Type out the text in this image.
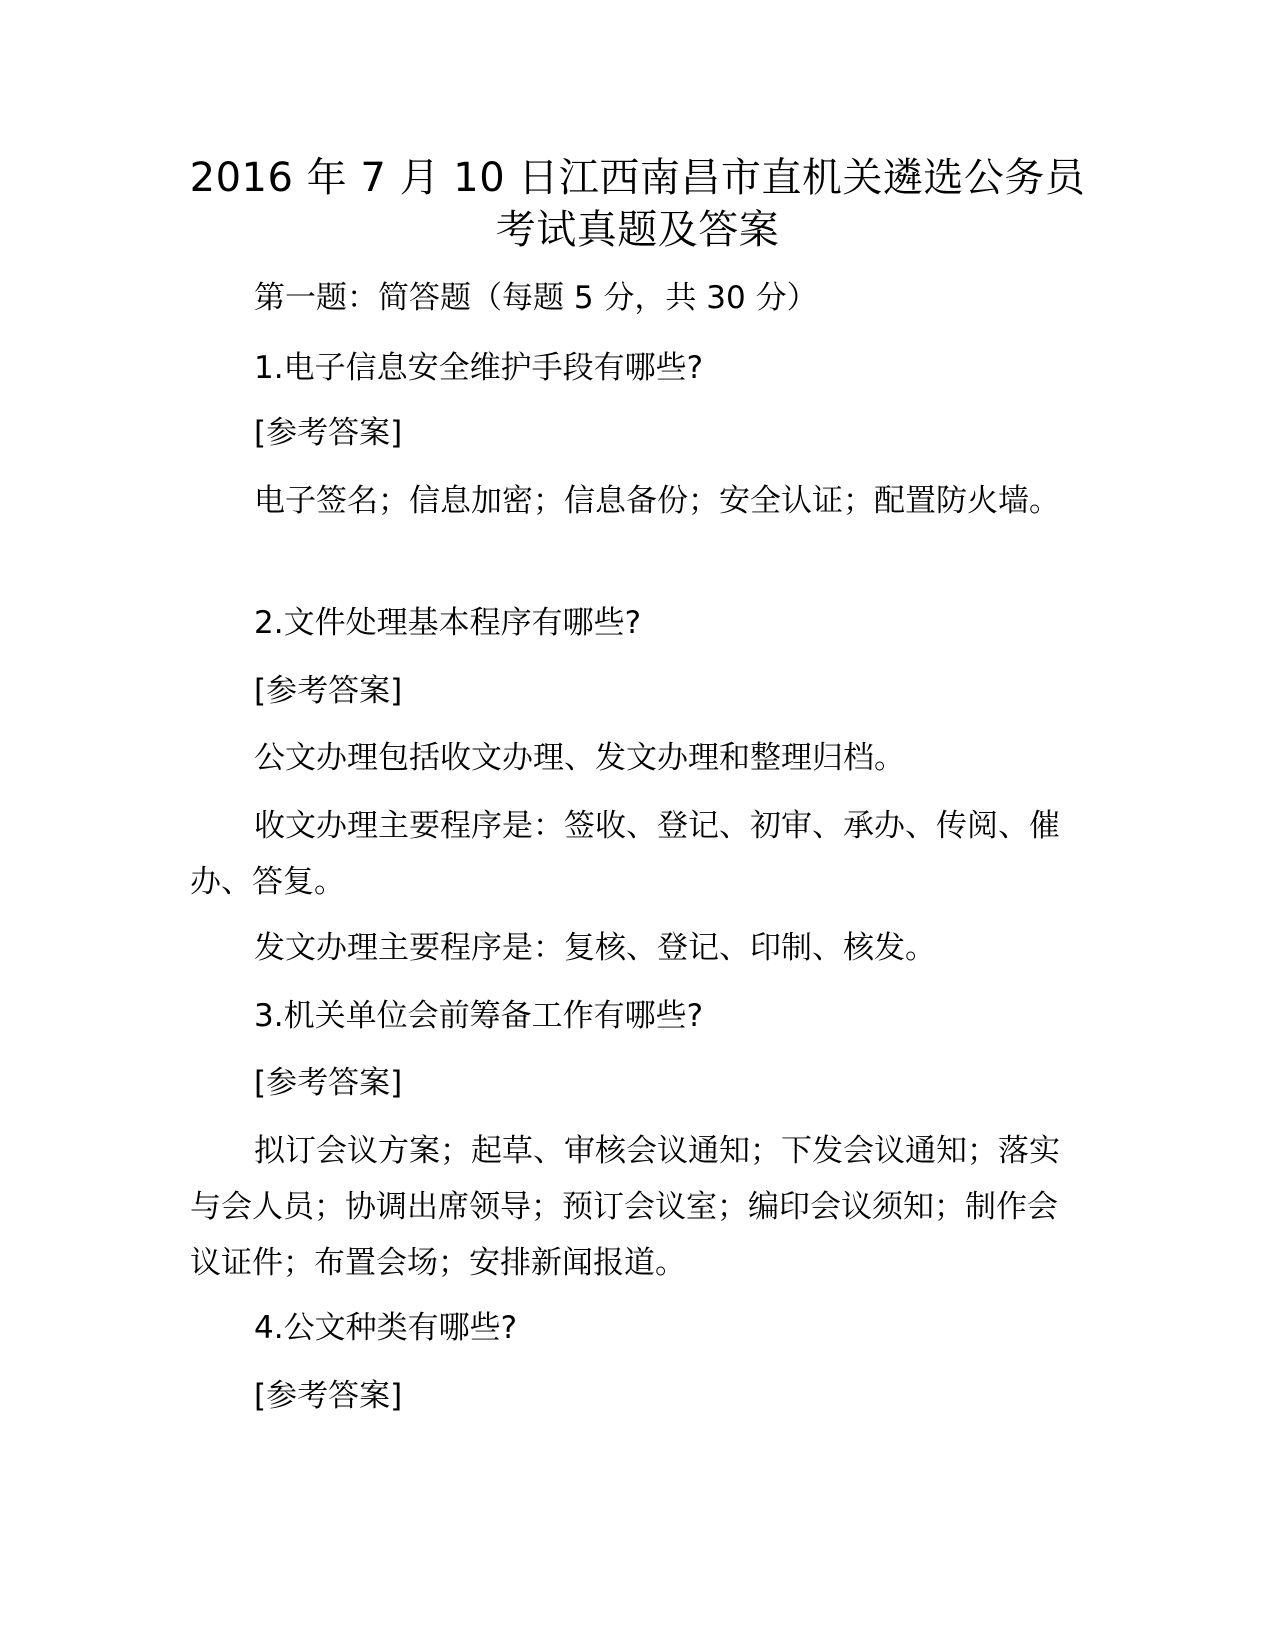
2016 年 7 月 10 日江西南昌市直机关遴选公务员
考试真题及答案

第一题：简答题（每题 5 分，共 30 分）

1.电子信息安全维护手段有哪些?

[参考答案]

电子签名；信息加密；信息备份；安全认证；配置防火墙。

2.文件处理基本程序有哪些?

[参考答案]

公文办理包括收文办理、发文办理和整理归档。

收文办理主要程序是：签收、登记、初审、承办、传阅、催办、答复。

发文办理主要程序是：复核、登记、印制、核发。

3.机关单位会前筹备工作有哪些?

[参考答案]

拟订会议方案；起草、审核会议通知；下发会议通知；落实与会人员；协调出席领导；预订会议室；编印会议须知；制作会议证件；布置会场；安排新闻报道。

4.公文种类有哪些?

[参考答案]
